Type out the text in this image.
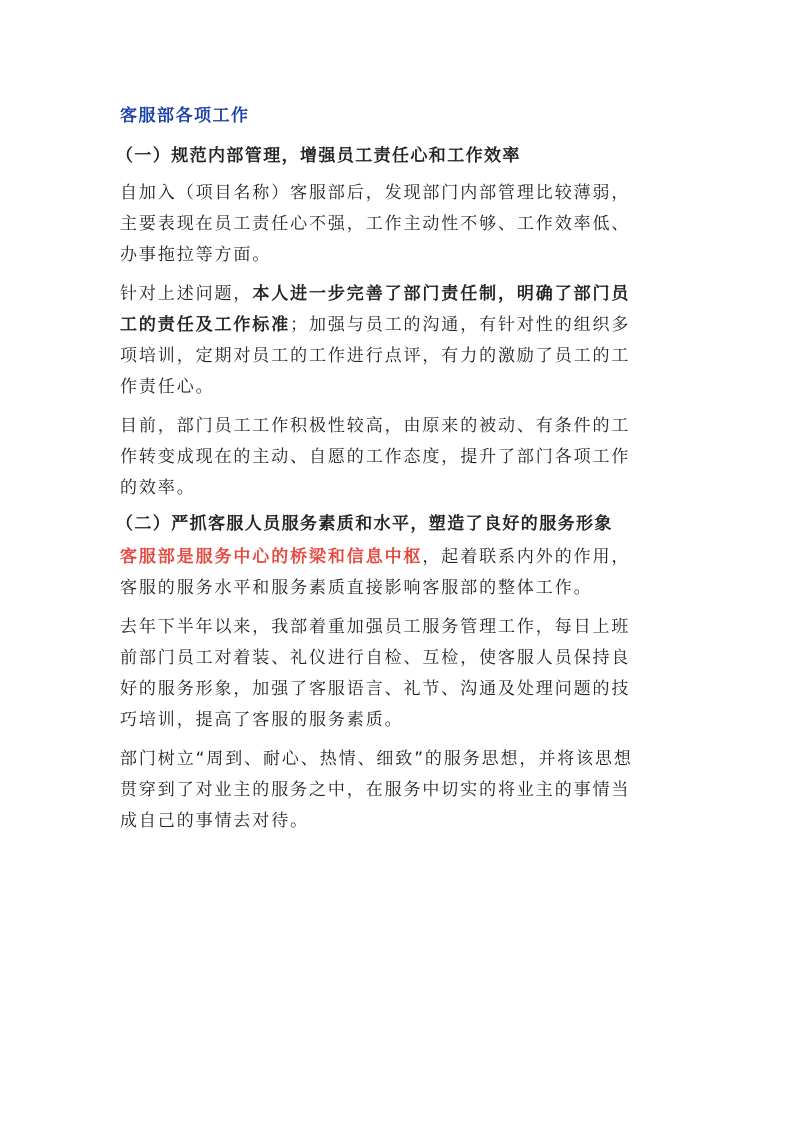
客服部各项工作
（一）规范内部管理，增强员工责任心和工作效率
自加入（项目名称）客服部后，发现部门内部管理比较薄弱，
主要表现在员工责任心不强，工作主动性不够、工作效率低、
办事拖拉等方面。
针对上述问题，本人进一步完善了部门责任制，明确了部门员
工的责任及工作标准；加强与员工的沟通，有针对性的组织多
项培训，定期对员工的工作进行点评，有力的激励了员工的工
作责任心。
目前，部门员工工作积极性较高，由原来的被动、有条件的工
作转变成现在的主动、自愿的工作态度，提升了部门各项工作
的效率。
（二）严抓客服人员服务素质和水平，塑造了良好的服务形象
客服部是服务中心的桥梁和信息中枢，起着联系内外的作用，
客服的服务水平和服务素质直接影响客服部的整体工作。
去年下半年以来，我部着重加强员工服务管理工作，每日上班
前部门员工对着装、礼仪进行自检、互检，使客服人员保持良
好的服务形象，加强了客服语言、礼节、沟通及处理问题的技
巧培训，提高了客服的服务素质。
部门树立“周到、耐心、热情、细致”的服务思想，并将该思想
贯穿到了对业主的服务之中，在服务中切实的将业主的事情当
成自己的事情去对待。
